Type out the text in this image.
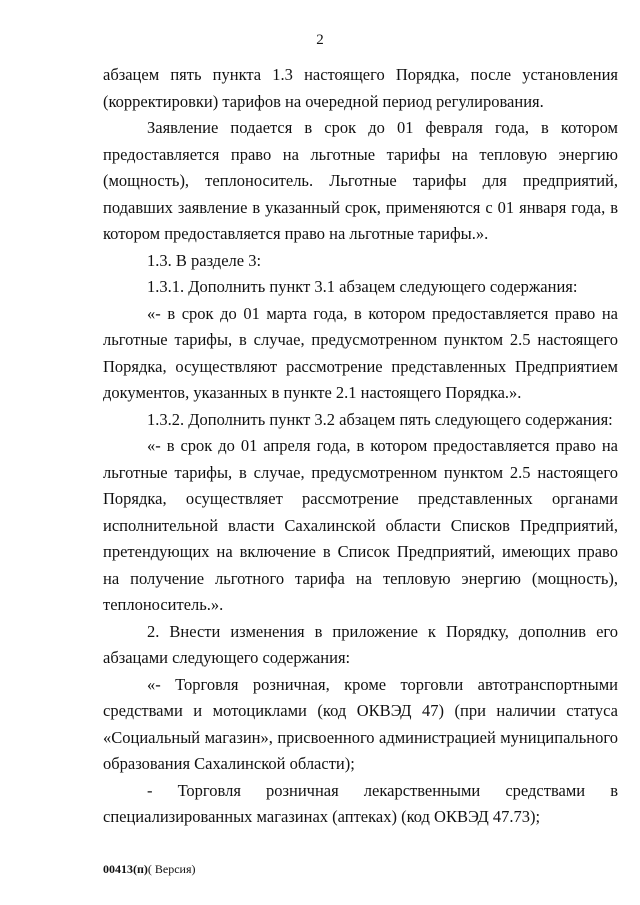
2

абзацем пять пункта 1.3 настоящего Порядка, после установления (корректировки) тарифов на очередной период регулирования.

Заявление подается в срок до 01 февраля года, в котором предоставляется право на льготные тарифы на тепловую энергию (мощность), теплоноситель. Льготные тарифы для предприятий, подавших заявление в указанный срок, применяются с 01 января года, в котором предоставляется право на льготные тарифы.».

1.3. В разделе 3:

1.3.1. Дополнить пункт 3.1 абзацем следующего содержания:

«- в срок до 01 марта года, в котором предоставляется право на льготные тарифы, в случае, предусмотренном пунктом 2.5 настоящего Порядка, осуществляют рассмотрение представленных Предприятием документов, указанных в пункте 2.1 настоящего Порядка.».

1.3.2. Дополнить пункт 3.2 абзацем пять следующего содержания:

«- в срок до 01 апреля года, в котором предоставляется право на льготные тарифы, в случае, предусмотренном пунктом 2.5 настоящего Порядка, осуществляет рассмотрение представленных органами исполнительной власти Сахалинской области Списков Предприятий, претендующих на включение в Список Предприятий, имеющих право на получение льготного тарифа на тепловую энергию (мощность), теплоноситель.».

2. Внести изменения в приложение к Порядку, дополнив его абзацами следующего содержания:

«- Торговля розничная, кроме торговли автотранспортными средствами и мотоциклами (код ОКВЭД 47) (при наличии статуса «Социальный магазин», присвоенного администрацией муниципального образования Сахалинской области);

- Торговля розничная лекарственными средствами в специализированных магазинах (аптеках) (код ОКВЭД 47.73);

00413(п)( Версия)
